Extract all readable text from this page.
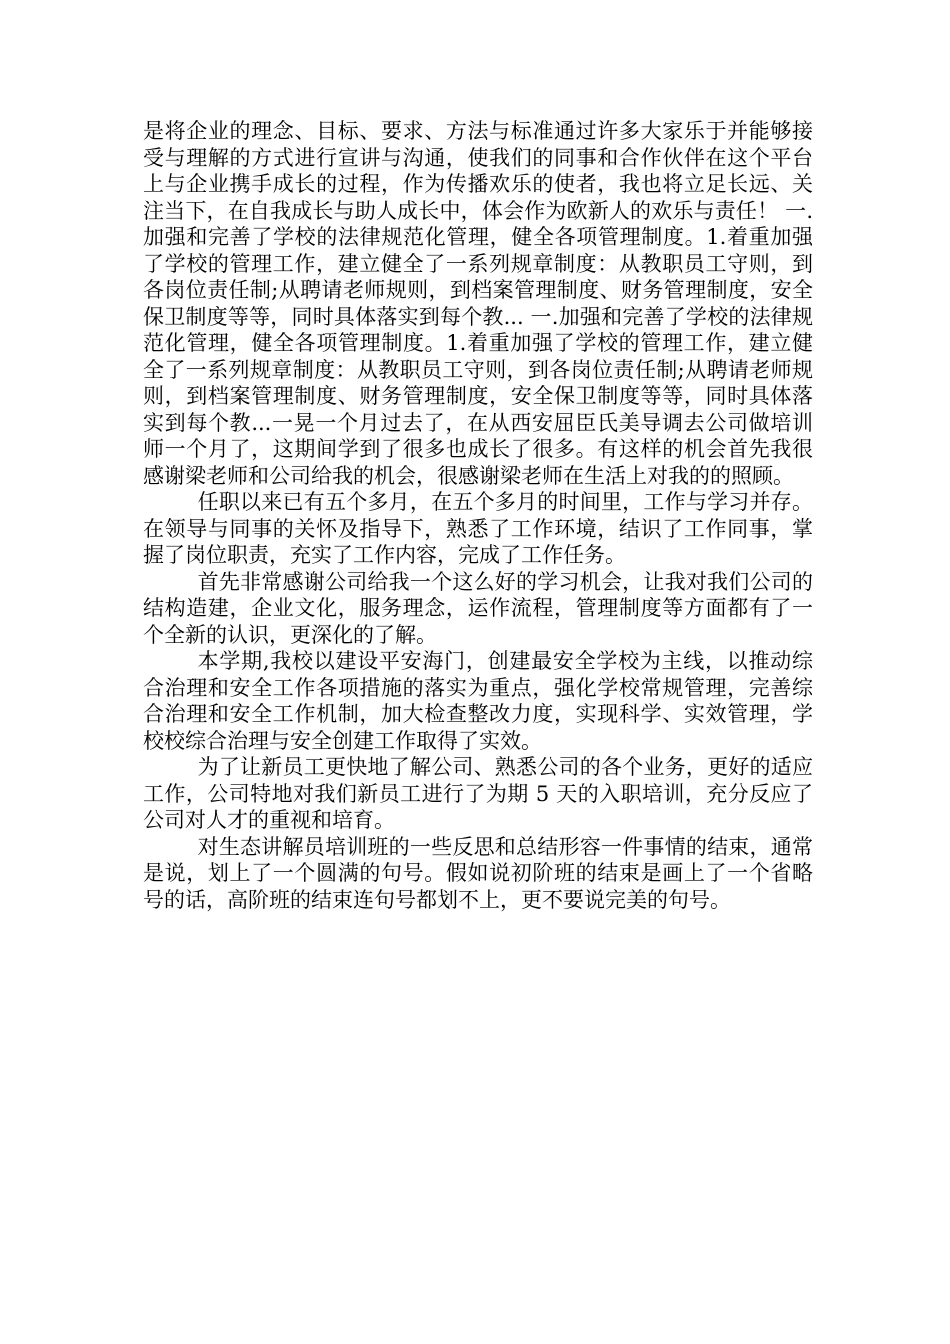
是将企业的理念、目标、要求、方法与标准通过许多大家乐于并能够接受与理解的方式进行宣讲与沟通，使我们的同事和合作伙伴在这个平台上与企业携手成长的过程，作为传播欢乐的使者，我也将立足长远、关注当下，在自我成长与助人成长中，体会作为欧新人的欢乐与责任！ 一.加强和完善了学校的法律规范化管理，健全各项管理制度。1.着重加强了学校的管理工作，建立健全了一系列规章制度：从教职员工守则，到各岗位责任制;从聘请老师规则，到档案管理制度、财务管理制度，安全保卫制度等等，同时具体落实到每个教... 一.加强和完善了学校的法律规范化管理，健全各项管理制度。1.着重加强了学校的管理工作，建立健全了一系列规章制度：从教职员工守则，到各岗位责任制;从聘请老师规则，到档案管理制度、财务管理制度，安全保卫制度等等，同时具体落实到每个教...一晃一个月过去了，在从西安屈臣氏美导调去公司做培训师一个月了，这期间学到了很多也成长了很多。有这样的机会首先我很感谢梁老师和公司给我的机会，很感谢梁老师在生活上对我的的照顾。

任职以来已有五个多月，在五个多月的时间里，工作与学习并存。在领导与同事的关怀及指导下，熟悉了工作环境，结识了工作同事，掌握了岗位职责，充实了工作内容，完成了工作任务。

首先非常感谢公司给我一个这么好的学习机会，让我对我们公司的结构造建，企业文化，服务理念，运作流程，管理制度等方面都有了一个全新的认识，更深化的了解。

本学期,我校以建设平安海门，创建最安全学校为主线，以推动综合治理和安全工作各项措施的落实为重点，强化学校常规管理，完善综合治理和安全工作机制，加大检查整改力度，实现科学、实效管理，学校校综合治理与安全创建工作取得了实效。

为了让新员工更快地了解公司、熟悉公司的各个业务，更好的适应工作，公司特地对我们新员工进行了为期 5 天的入职培训，充分反应了公司对人才的重视和培育。

对生态讲解员培训班的一些反思和总结形容一件事情的结束，通常是说，划上了一个圆满的句号。假如说初阶班的结束是画上了一个省略号的话，高阶班的结束连句号都划不上，更不要说完美的句号。
